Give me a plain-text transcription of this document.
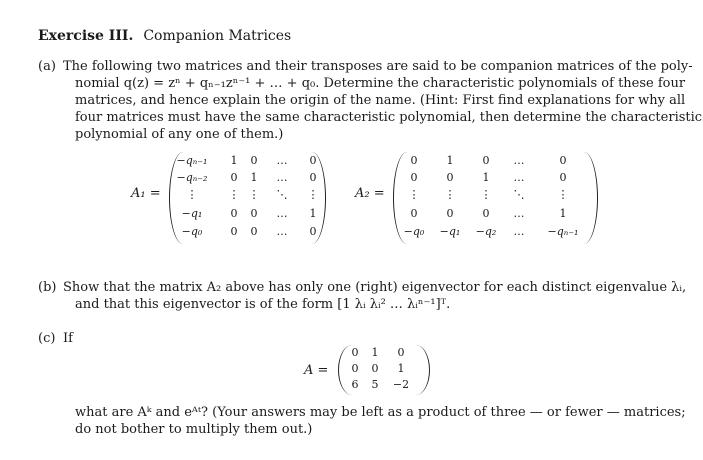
Exercise III. Companion Matrices
(a) The following two matrices and their transposes are said to be companion matrices of the poly-
nomial q(z) = zⁿ + qₙ₋₁zⁿ⁻¹ + … + q₀. Determine the characteristic polynomials of these four
matrices, and hence explain the origin of the name. (Hint: First find explanations for why all
four matrices must have the same characteristic polynomial, then determine the characteristic
polynomial of any one of them.)
A₁ =
−qₙ₋₁ 1 0 … 0
−qₙ₋₂ 0 1 … 0
⋮	⋮ ⋮ ⋱ ⋮
−q₁	0 0 … 1
−q₀	0 0 … 0
A₂ =
0	1	0 …	0
0	0	1 …	0
⋮ ⋮ ⋮ ⋱	⋮
0	0	0 …	1
−q₀ −q₁ −q₂ … −qₙ₋₁
(b) Show that the matrix A₂ above has only one (right) eigenvector for each distinct eigenvalue λᵢ,
and that this eigenvector is of the form [1 λᵢ λᵢ² … λᵢⁿ⁻¹]ᵀ.
(c) If
A =
0 1 0
0 0 1
6 5 −2
what are Aᵏ and eᴬᵗ? (Your answers may be left as a product of three — or fewer — matrices;
do not bother to multiply them out.)
